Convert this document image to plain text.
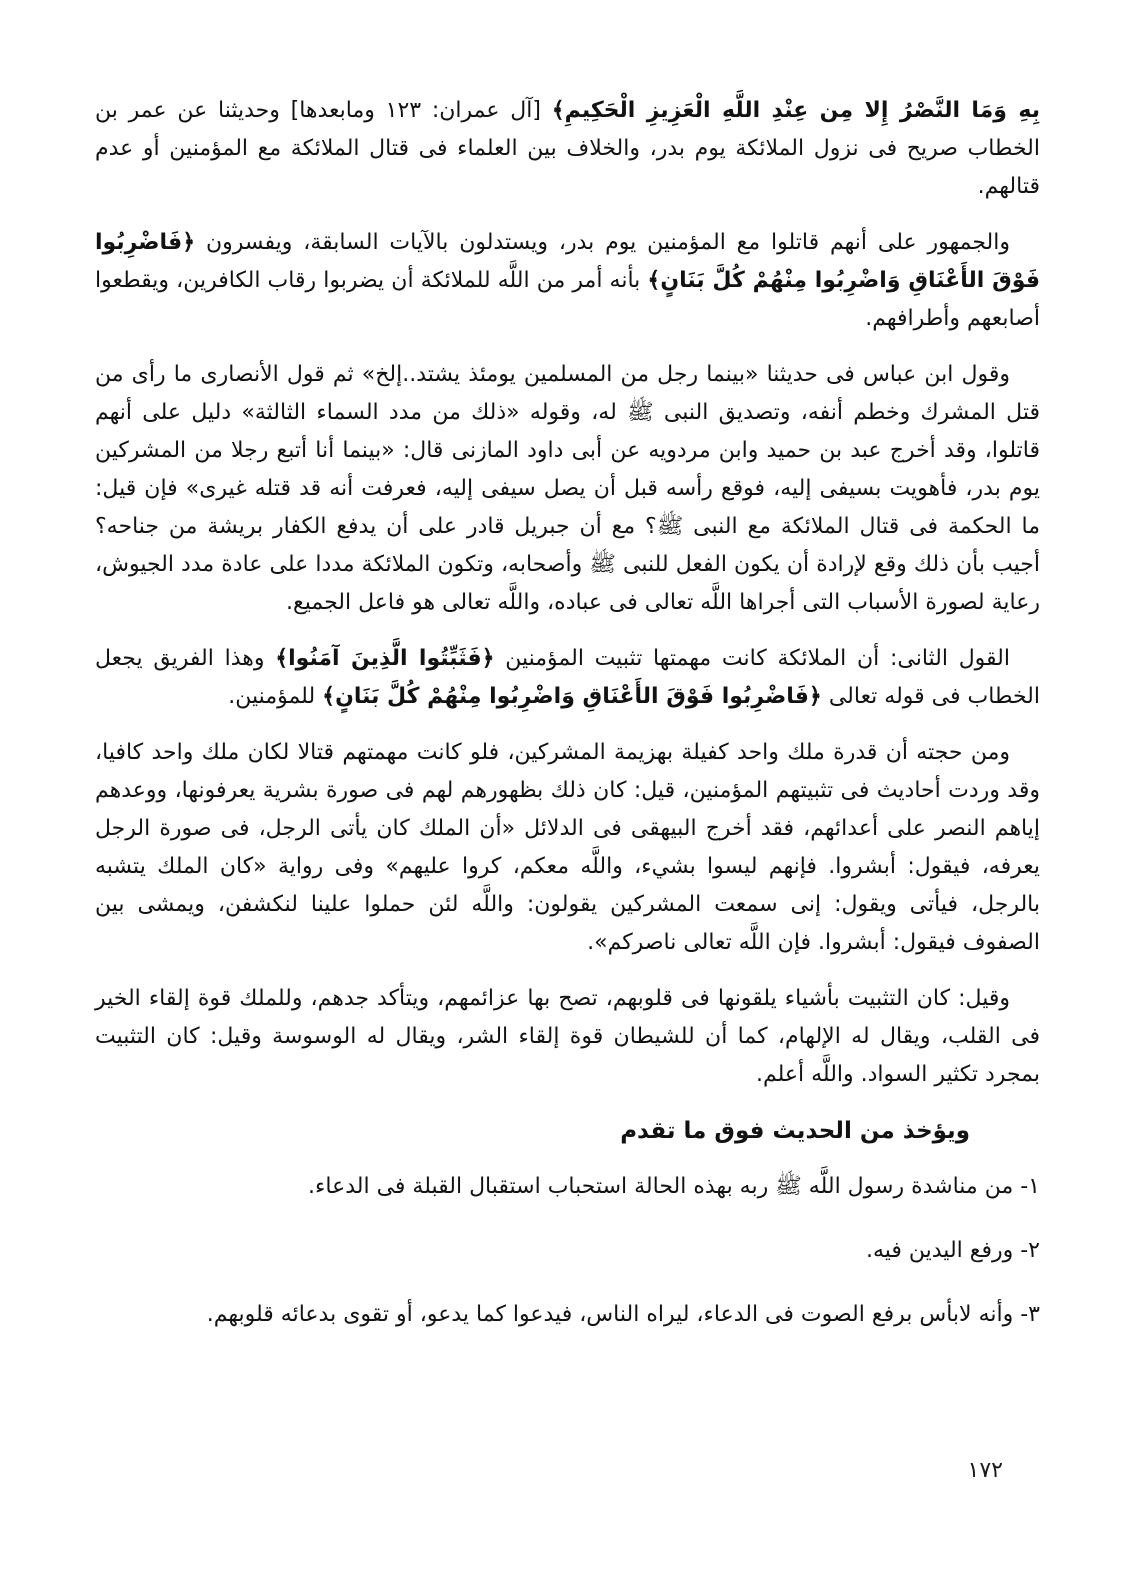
بِهِ وَمَا النَّصْرُ إِلا مِن عِنْدِ اللَّهِ الْعَزِيزِ الْحَكِيمِ﴾ [آل عمران: ١٢٣ ومابعدها] وحديثنا عن عمر بن الخطاب صريح فى نزول الملائكة يوم بدر، والخلاف بين العلماء فى قتال الملائكة مع المؤمنين أو عدم قتالهم.

والجمهور على أنهم قاتلوا مع المؤمنين يوم بدر، ويستدلون بالآيات السابقة، ويفسرون ﴿فَاضْرِبُوا فَوْقَ الأَعْنَاقِ وَاضْرِبُوا مِنْهُمْ كُلَّ بَنَانٍ﴾ بأنه أمر من اللَّه للملائكة أن يضربوا رقاب الكافرين، ويقطعوا أصابعهم وأطرافهم.

وقول ابن عباس فى حديثنا «بينما رجل من المسلمين يومئذ يشتد..إلخ» ثم قول الأنصارى ما رأى من قتل المشرك وخطم أنفه، وتصديق النبى ﷺ له، وقوله «ذلك من مدد السماء الثالثة» دليل على أنهم قاتلوا، وقد أخرج عبد بن حميد وابن مردويه عن أبى داود المازنى قال: «بينما أنا أتبع رجلا من المشركين يوم بدر، فأهويت بسيفى إليه، فوقع رأسه قبل أن يصل سيفى إليه، فعرفت أنه قد قتله غيرى» فإن قيل: ما الحكمة فى قتال الملائكة مع النبى ﷺ؟ مع أن جبريل قادر على أن يدفع الكفار بريشة من جناحه؟ أجيب بأن ذلك وقع لإرادة أن يكون الفعل للنبى ﷺ وأصحابه، وتكون الملائكة مددا على عادة مدد الجيوش، رعاية لصورة الأسباب التى أجراها اللَّه تعالى فى عباده، واللَّه تعالى هو فاعل الجميع.

القول الثانى: أن الملائكة كانت مهمتها تثبيت المؤمنين ﴿فَثَبِّتُوا الَّذِينَ آمَنُوا﴾ وهذا الفريق يجعل الخطاب فى قوله تعالى ﴿فَاضْرِبُوا فَوْقَ الأَعْنَاقِ وَاضْرِبُوا مِنْهُمْ كُلَّ بَنَانٍ﴾ للمؤمنين.

ومن حجته أن قدرة ملك واحد كفيلة بهزيمة المشركين، فلو كانت مهمتهم قتالا لكان ملك واحد كافيا، وقد وردت أحاديث فى تثبيتهم المؤمنين، قيل: كان ذلك بظهورهم لهم فى صورة بشرية يعرفونها، ووعدهم إياهم النصر على أعدائهم، فقد أخرج البيهقى فى الدلائل «أن الملك كان يأتى الرجل، فى صورة الرجل يعرفه، فيقول: أبشروا. فإنهم ليسوا بشيء، واللَّه معكم، كروا عليهم» وفى رواية «كان الملك يتشبه بالرجل، فيأتى ويقول: إنى سمعت المشركين يقولون: واللَّه لئن حملوا علينا لنكشفن، ويمشى بين الصفوف فيقول: أبشروا. فإن اللَّه تعالى ناصركم».

وقيل: كان التثبيت بأشياء يلقونها فى قلوبهم، تصح بها عزائمهم، ويتأكد جدهم، وللملك قوة إلقاء الخير فى القلب، ويقال له الإلهام، كما أن للشيطان قوة إلقاء الشر، ويقال له الوسوسة وقيل: كان التثبيت بمجرد تكثير السواد. واللَّه أعلم.

ويؤخذ من الحديث فوق ما تقدم
١- من مناشدة رسول اللَّه ﷺ ربه بهذه الحالة استحباب استقبال القبلة فى الدعاء.
٢- ورفع اليدين فيه.
٣- وأنه لابأس برفع الصوت فى الدعاء، ليراه الناس، فيدعوا كما يدعو، أو تقوى بدعائه قلوبهم.
١٧٢
